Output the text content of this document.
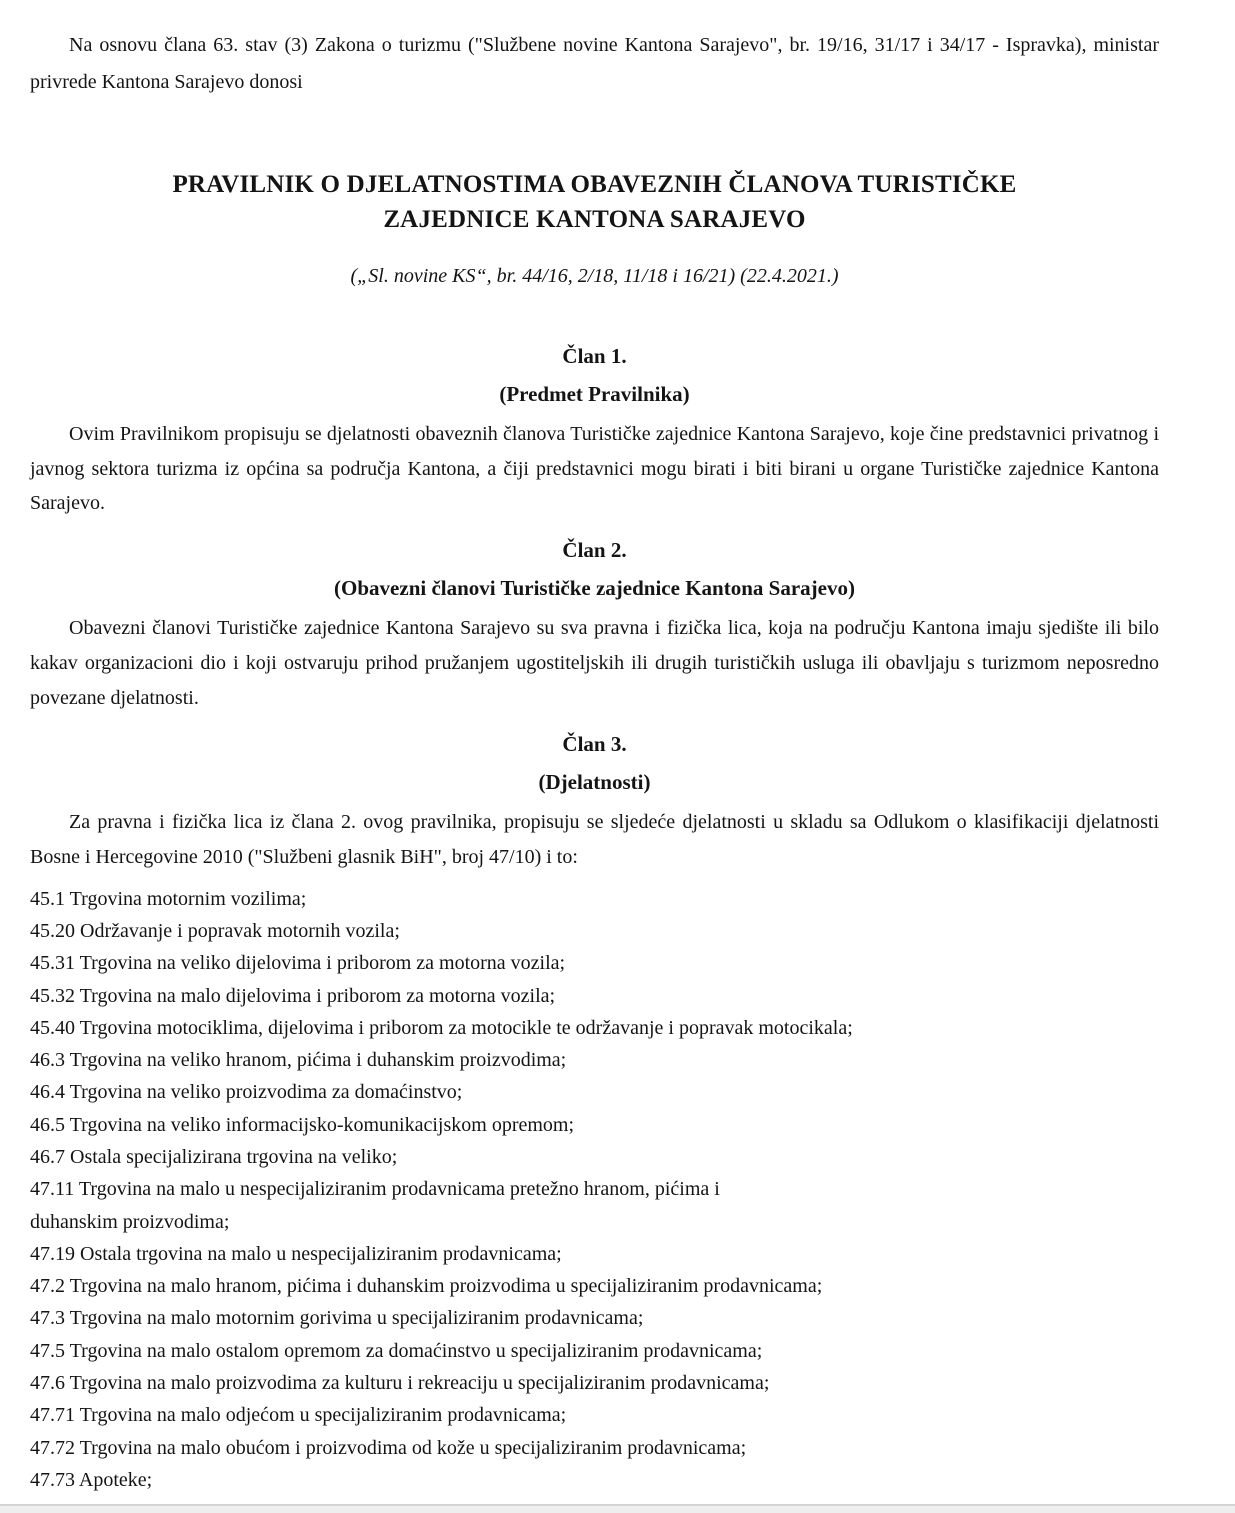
Na osnovu člana 63. stav (3) Zakona o turizmu ("Službene novine Kantona Sarajevo", br. 19/16, 31/17 i 34/17 - Ispravka), ministar privrede Kantona Sarajevo donosi

PRAVILNIK O DJELATNOSTIMA OBAVEZNIH ČLANOVA TURISTIČKE
ZAJEDNICE KANTONA SARAJEVO

(„Sl. novine KS“, br. 44/16, 2/18, 11/18 i 16/21) (22.4.2021.)

Član 1.
(Predmet Pravilnika)

Ovim Pravilnikom propisuju se djelatnosti obaveznih članova Turističke zajednice Kantona Sarajevo, koje čine predstavnici privatnog i javnog sektora turizma iz općina sa područja Kantona, a čiji predstavnici mogu birati i biti birani u organe Turističke zajednice Kantona Sarajevo.

Član 2.
(Obavezni članovi Turističke zajednice Kantona Sarajevo)

Obavezni članovi Turističke zajednice Kantona Sarajevo su sva pravna i fizička lica, koja na području Kantona imaju sjedište ili bilo kakav organizacioni dio i koji ostvaruju prihod pružanjem ugostiteljskih ili drugih turističkih usluga ili obavljaju s turizmom neposredno povezane djelatnosti.

Član 3.
(Djelatnosti)

Za pravna i fizička lica iz člana 2. ovog pravilnika, propisuju se sljedeće djelatnosti u skladu sa Odlukom o klasifikaciji djelatnosti Bosne i Hercegovine 2010 ("Službeni glasnik BiH", broj 47/10) i to:

45.1 Trgovina motornim vozilima;
45.20 Održavanje i popravak motornih vozila;
45.31 Trgovina na veliko dijelovima i priborom za motorna vozila;
45.32 Trgovina na malo dijelovima i priborom za motorna vozila;
45.40 Trgovina motociklima, dijelovima i priborom za motocikle te održavanje i popravak motocikala;
46.3 Trgovina na veliko hranom, pićima i duhanskim proizvodima;
46.4 Trgovina na veliko proizvodima za domaćinstvo;
46.5 Trgovina na veliko informacijsko-komunikacijskom opremom;
46.7 Ostala specijalizirana trgovina na veliko;
47.11 Trgovina na malo u nespecijaliziranim prodavnicama pretežno hranom, pićima i
duhanskim proizvodima;
47.19 Ostala trgovina na malo u nespecijaliziranim prodavnicama;
47.2 Trgovina na malo hranom, pićima i duhanskim proizvodima u specijaliziranim prodavnicama;
47.3 Trgovina na malo motornim gorivima u specijaliziranim prodavnicama;
47.5 Trgovina na malo ostalom opremom za domaćinstvo u specijaliziranim prodavnicama;
47.6 Trgovina na malo proizvodima za kulturu i rekreaciju u specijaliziranim prodavnicama;
47.71 Trgovina na malo odjećom u specijaliziranim prodavnicama;
47.72 Trgovina na malo obućom i proizvodima od kože u specijaliziranim prodavnicama;
47.73 Apoteke;
